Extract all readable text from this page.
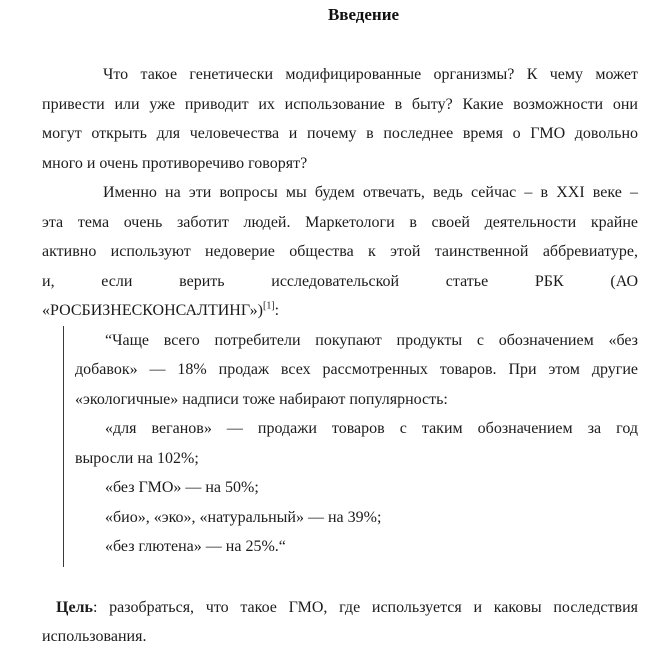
Введение
Что такое генетически модифицированные организмы? К чему может
привести или уже приводит их использование в быту? Какие возможности они
могут открыть для человечества и почему в последнее время о ГМО довольно
много и очень противоречиво говорят?
Именно на эти вопросы мы будем отвечать, ведь сейчас – в XXI веке –
эта тема очень заботит людей. Маркетологи в своей деятельности крайне
активно используют недоверие общества к этой таинственной аббревиатуре,
и, если верить исследовательской статье РБК (АО
«РОСБИЗНЕСКОНСАЛТИНГ»)[1]:
“Чаще всего потребители покупают продукты с обозначением «без
добавок» — 18% продаж всех рассмотренных товаров. При этом другие
«экологичные» надписи тоже набирают популярность:
«для веганов» — продажи товаров с таким обозначением за год
выросли на 102%;
«без ГМО» — на 50%;
«био», «эко», «натуральный» — на 39%;
«без глютена» — на 25%.“
Цель: разобраться, что такое ГМО, где используется и каковы последствия
использования.
